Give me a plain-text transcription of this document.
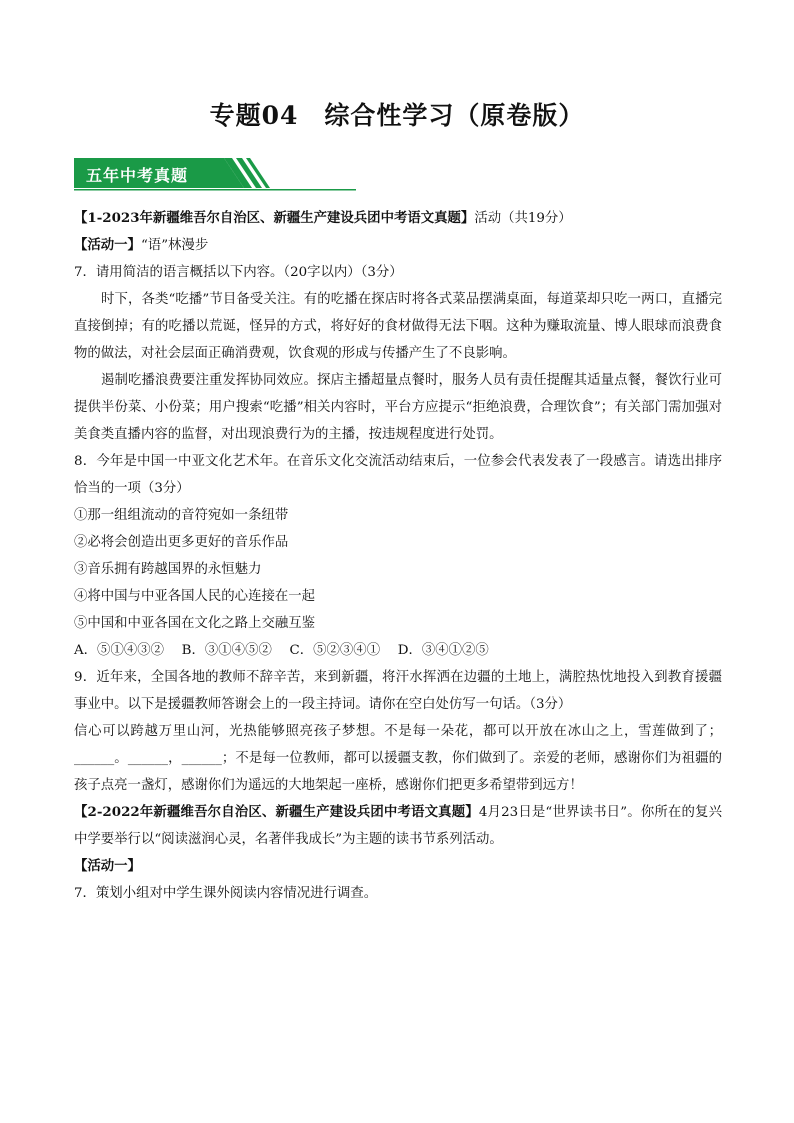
专题04　综合性学习（原卷版）
五年中考真题
【1-2023年新疆维吾尔自治区、新疆生产建设兵团中考语文真题】活动（共19分）
【活动一】“语”林漫步
7．请用简洁的语言概括以下内容。（20字以内）（3分）
时下，各类“吃播”节目备受关注。有的吃播在探店时将各式菜品摆满桌面，每道菜却只吃一两口，直播完直接倒掉；有的吃播以荒诞，怪异的方式，将好好的食材做得无法下咽。这种为赚取流量、博人眼球而浪费食物的做法，对社会层面正确消费观，饮食观的形成与传播产生了不良影响。
遏制吃播浪费要注重发挥协同效应。探店主播超量点餐时，服务人员有责任提醒其适量点餐，餐饮行业可提供半份菜、小份菜；用户搜索“吃播”相关内容时，平台方应提示“拒绝浪费，合理饮食”；有关部门需加强对美食类直播内容的监督，对出现浪费行为的主播，按违规程度进行处罚。
8．今年是中国一中亚文化艺术年。在音乐文化交流活动结束后，一位参会代表发表了一段感言。请选出排序恰当的一项（3分）
①那一组组流动的音符宛如一条纽带
②必将会创造出更多更好的音乐作品
③音乐拥有跨越国界的永恒魅力
④将中国与中亚各国人民的心连接在一起
⑤中国和中亚各国在文化之路上交融互鉴
A．⑤①④③②　 B．③①④⑤②　 C．⑤②③④①　 D．③④①②⑤
9．近年来，全国各地的教师不辞辛苦，来到新疆，将汗水挥洒在边疆的土地上，满腔热忱地投入到教育援疆事业中。以下是援疆教师答谢会上的一段主持词。请你在空白处仿写一句话。（3分）
信心可以跨越万里山河，光热能够照亮孩子梦想。不是每一朵花，都可以开放在冰山之上，雪莲做到了；______。______，______；不是每一位教师，都可以援疆支教，你们做到了。亲爱的老师，感谢你们为祖疆的孩子点亮一盏灯，感谢你们为遥远的大地架起一座桥，感谢你们把更多希望带到远方！
【2-2022年新疆维吾尔自治区、新疆生产建设兵团中考语文真题】4月23日是“世界读书日”。你所在的复兴中学要举行以“阅读滋润心灵，名著伴我成长”为主题的读书节系列活动。
【活动一】
7．策划小组对中学生课外阅读内容情况进行调查。
